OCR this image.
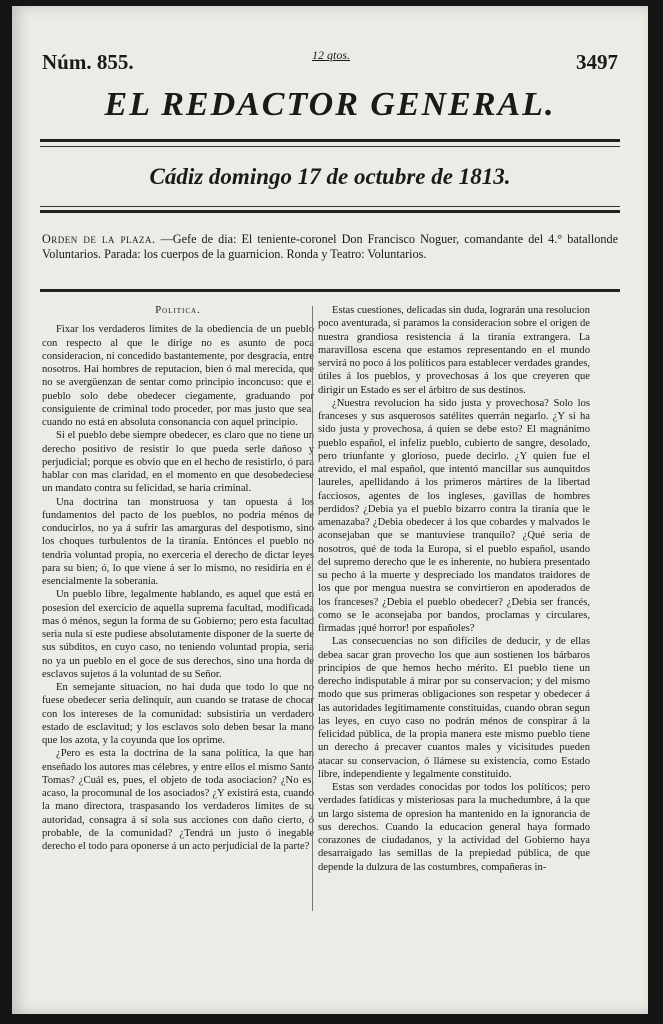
Núm. 855.	12 qtos.	3497
EL REDACTOR GENERAL.
Cádiz domingo 17 de octubre de 1813.
Orden de la plaza. —Gefe de dia: El teniente-coronel Don Francisco Noguer, comandante del 4.° batallonde Voluntarios. Parada: los cuerpos de la guarnicion. Ronda y Teatro: Voluntarios.

Politica.

Fixar los verdaderos límites de la obediencia de un pueblo con respecto al que le dirige no es asunto de poca consideracion, ni concedido bastantemente, por desgracia, entre nosotros. Hai hombres de reputacion, bien ó mal merecida, que no se avergüenzan de sentar como principio inconcuso: que el pueblo solo debe obedecer ciegamente, graduando por consiguiente de criminal todo proceder, por mas justo que sea, cuando no está en absoluta consonancia con aquel principio.

Si el pueblo debe siempre obedecer, es claro que no tiene un derecho positivo de resistir lo que pueda serle dañoso y perjudicial; porque es obvio que en el hecho de resistirlo, ó para hablar con mas claridad, en el momento en que desobedeciese un mandato contra su felicidad, se haria criminal.

Una doctrina tan monstruosa y tan opuesta á los fundamentos del pacto de los pueblos, no podria ménos de conducirlos, no ya á sufrir las amarguras del despotismo, sino los choques turbulentos de la tiranía. Entónces el pueblo no tendria voluntad propia, no exerceria el derecho de dictar leyes para su bien; ó, lo que viene á ser lo mismo, no residiria en él esencialmente la soberania.

Un pueblo libre, legalmente hablando, es aquel que está en posesion del exercicio de aquella suprema facultad, modificada mas ó ménos, segun la forma de su Gobierno; pero esta facultad seria nula si este pudiese absolutamente disponer de la suerte de sus súbditos, en cuyo caso, no teniendo voluntad propia, seria no ya un pueblo en el goce de sus derechos, sino una horda de esclavos sujetos á la voluntad de su Señor.

En semejante situacion, no hai duda que todo lo que no fuese obedecer seria delinquir, aun cuando se tratase de chocar con los intereses de la comunidad: subsistiria un verdadero estado de esclavitud; y los esclavos solo deben besar la mano que los azota, y la coyunda que los oprime.

¿Pero es esta la doctrina de la sana política, la que han enseñado los autores mas célebres, y entre ellos el mismo Santo Tomas? ¿Cuál es, pues, el objeto de toda asociacion? ¿No es, acaso, la procomunal de los asociados? ¿Y existirá esta, cuando la mano directora, traspasando los verdaderos límites de su autoridad, consagra á sí sola sus acciones con daño cierto, ó probable, de la comunidad? ¿Tendrá un justo ó inegable derecho el todo para oponerse á un acto perjudicial de la parte?

Estas cuestiones, delicadas sin duda, lograrán una resolucion poco aventurada, si paramos la consideracion sobre el origen de nuestra grandiosa resistencia á la tiranía extrangera. La maravillosa escena que estamos representando en el mundo servirá no poco á los políticos para establecer verdades grandes, útiles á los pueblos, y provechosas á los que creyeren que dirigir un Estado es ser el árbitro de sus destinos.

¿Nuestra revolucion ha sido justa y provechosa? Solo los franceses y sus asquerosos satélites querrán negarlo. ¿Y si ha sido justa y provechosa, á quien se debe esto? El magnánimo pueblo español, el infeliz pueblo, cubierto de sangre, desolado, pero triunfante y glorioso, puede decirlo. ¿Y quien fue el atrevido, el mal español, que intentó mancillar sus aunquitdos laureles, apellidando á los primeros mártires de la libertad facciosos, agentes de los ingleses, gavillas de hombres perdidos? ¿Debia ya el pueblo bizarro contra la tiranía que le amenazaba? ¿Debia obedecer á los que cobardes y malvados le aconsejaban que se mantuviese tranquilo? ¿Qué seria de nosotros, qué de toda la Europa, si el pueblo español, usando del supremo derecho que le es inherente, no hubiera presentado su pecho á la muerte y despreciado los mandatos traidores de los que por mengua nuestra se convirtieron en apoderados de los franceses? ¿Debia el pueblo obedecer? ¿Debia ser francés, como se le aconsejaba por bandos, proclamas y circulares, firmadas ¡qué horror! por españoles?

Las consecuencias no son difíciles de deducir, y de ellas debea sacar gran provecho los que aun sostienen los bárbaros principios de que hemos hecho mérito. El pueblo tiene un derecho indisputable á mirar por su conservacion; y del mismo modo que sus primeras obligaciones son respetar y obedecer á las autoridades legítimamente constituidas, cuando obran segun las leyes, en cuyo caso no podrán ménos de conspirar á la felicidad pública, de la propia manera este mismo pueblo tiene un derecho á precaver cuantos males y vicisitudes pueden atacar su conservacion, ó llámese su existencia, como Estado libre, independiente y legalmente constituido.

Estas son verdades conocidas por todos los políticos; pero verdades fatídicas y misteriosas para la muchedumbre, á la que un largo sistema de opresion ha mantenido en la ignorancia de sus derechos. Cuando la educacion general haya formado corazones de ciudadanos, y la actividad del Gobierno haya desarraigado las semillas de la prepiedad pública, de que depende la dulzura de las costumbres, compañeras in-
